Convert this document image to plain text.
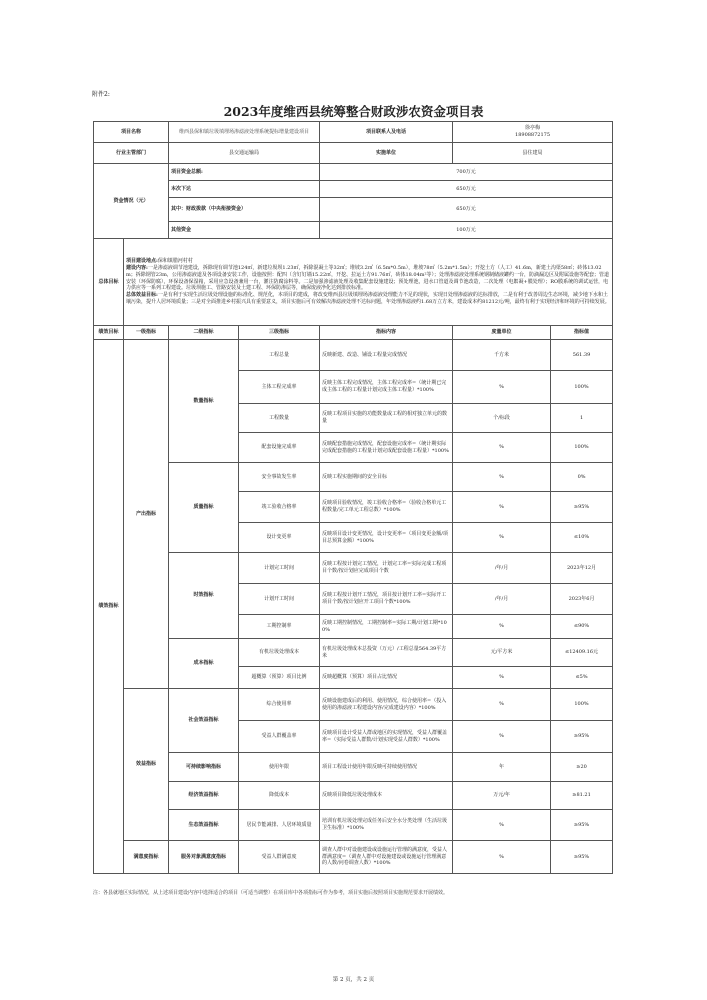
附件2:
2023年度维西县统筹整合财政涉农资金项目表
项目名称		维西县保和镇垃圾填埋场渗滤液处理系统提标增量建设项目		项目联系人及电话	徐亭梅
18908872175	
行业主管部门		县交通运输局		实施单位	县住建局	
资金情况（元）		项目资金总额:		700万元		
		本次下达		650万元		
		其中：财政拨款（中央衔接资金）		650万元		
		其他资金		100万元		
总体目标	项目建设地点:保和镇腊河村村

建设内容:一是渗滤液调节池建设，拆除现有调节池124㎡，新建垃圾坝1.23㎡，拆除混凝土等32㎡；堆坡3.2㎡（6.5m*0.5m），堆坡78㎡（5.2m*1.5m）；开挖土方（人工）41.6m，新建土沟渠58㎡；砖体13.02m；拆除钢管23m，公用渗滤液道及各项设备安装工作，设施按照：配四（含钉钉墙15.22㎡，开挖、拉运土方91.76㎡，砖体18.04m²等）；处理渗滤液处理系统钢制储液罐约一台，防滴漏边区及附属设施等配套；管道安装（环保防腐），环保设备保湿箱，采用应急设备兼用一台，灌注防腐涂料等。二是加强渗滤液处理及收集配套设施建设；预处理池，进水口管道及调节池改造，二次处理（电絮凝+膜处理）；RO膜系统的调试运营，电力供应等一系列工程建设。垃圾坝施工、管路安装及土建工程、环保防渗层等，确保废液净化达到排放标准。

总体效益目标:一是有利于实现生活垃圾处理设施的标准化、规范化，本项目的建成，将改变维西县垃圾填埋场渗滤液处理能力不足的现状，实现日处理渗滤液的达标排放，二是有利于改善周边生态环境，减少地下水和土壤污染，提升人居环境质量；三是对全面推进乡村振兴具有重要意义，项目实施后可有效解决渗滤液处理不达标问题，年处理渗滤液约1.68万立方米，建设成本约81212元/吨，最终有利于实现经济和环境的可持续发展。					

绩效目标	一级指标	二级指标	三级指标	指标内容	度量单位	指标值
绩效指标	产出指标	数量指标	工程总量	反映新建、改造、铺设工程量完成情况	千方米	561.39
			主体工程完成率	反映主体工程完成情况，主体工程完成率=（统计期已完成主体工程的工程量计划完成主体工程量）*100%	%	100%
			工程数量	反映工程项目实施的功能数量或工程的相对独立单元的数量	个/标段	1
			配套设施完成率	反映配套措施完成情况，配套设施完成率=（统计期实际完成配套措施的工程量计划完成配套设施工程量）*100%	%	100%
		质量指标	安全事故发生率	反映工程实施期间的安全目标	%	0%
			竣工验收合格率	反映项目验收情况，竣工验收合格率=（验收合格单元工程数量/完工单元工程总数）*100%	%	≥95%
			设计变更率	反映项目设计变更情况，设计变更率=（项目变更金额/项目总预算金额）*100%	%	≤10%
		时效指标	计划完工时间	反映工程按计划完工情况，计划完工率=实际完成工程项目个数/按计划应完成项目个数	/年/月	2023年12月
			计划开工时间	反映工程按计划开工情况，项目按计划开工率=实际开工项目个数/按计划应开工项目个数*100%	/年/月	2023年6月
			工期控制率	反映工期控制情况，工期控制率=实际工期/计划工期*100%	%	≤90%
		成本指标	有机垃圾处理成本	有机垃圾处理成本总投资（万元）/工程总量564.39平方米	元/平方米	≤12409.16元
			超概算（预算）项目比例	反映超概算（预算）项目占比情况	%	≤5%
	效益指标	社会效益指标	综合使用率	反映设施建成后的利用、使用情况，综合使用率=（投入使用的渗滤液工程建设内容/完成建设内容）*100%	%	100%
			受益人群覆盖率	反映项目设计受益人群或地区的实现情况，受益人群覆盖率=（实际受益人群数/计划实现受益人群数）*100%	%	≥95%
		可持续影响指标	使用年限	项目工程设计使用年限反映可持续使用情况	年	≥20
		经济效益指标	降低成本	反映项目降低垃圾处理成本	万元/年	≥81.21
		生态效益指标	居民节能减排、人居环境质量	培训有机垃圾处理完成任务后安全水分类处理（生活垃圾卫生标准）*100%	%	≥95%
	满意度指标	服务对象满意度指标	受益人群满意度	调查人群中对设施建设或设施运行管理的满意度，受益人群满意度=（调查人群中对设施建设或设施运行管理满意的人数/问卷调查人数）*100%	%	≥95%
注：各县就地区实际情况，从上述项目建设内容中选择适合的项目（可适当调整）在项目库中各项指标可作为参考，项目实施后按照项目实施规范要求开展绩效。
第 2 页，共 2 页
